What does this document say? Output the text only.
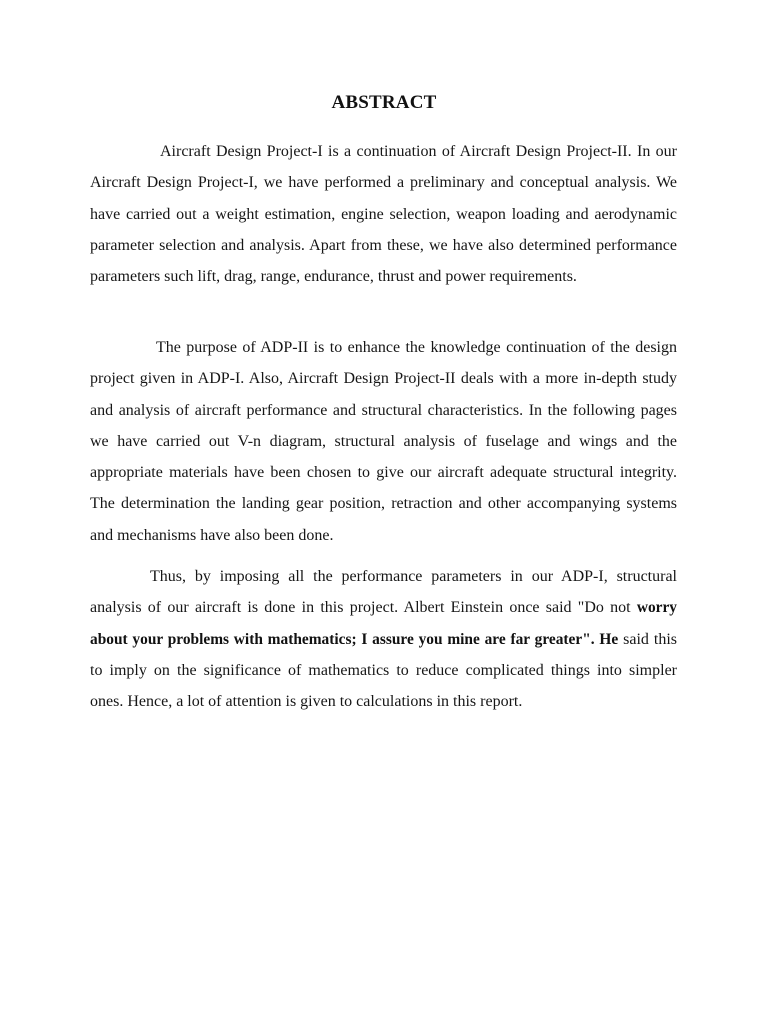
ABSTRACT

Aircraft Design Project-I is a continuation of Aircraft Design Project-II. In our Aircraft Design Project-I, we have performed a preliminary and conceptual analysis. We have carried out a weight estimation, engine selection, weapon loading and aerodynamic parameter selection and analysis. Apart from these, we have also determined performance parameters such lift, drag, range, endurance, thrust and power requirements.

The purpose of ADP-II is to enhance the knowledge continuation of the design project given in ADP-I. Also, Aircraft Design Project-II deals with a more in-depth study and analysis of aircraft performance and structural characteristics. In the following pages we have carried out V-n diagram, structural analysis of fuselage and wings and the appropriate materials have been chosen to give our aircraft adequate structural integrity. The determination the landing gear position, retraction and other accompanying systems and mechanisms have also been done.

Thus, by imposing all the performance parameters in our ADP-I, structural analysis of our aircraft is done in this project. Albert Einstein once said "Do not worry about your problems with mathematics; I assure you mine are far greater". He said this to imply on the significance of mathematics to reduce complicated things into simpler ones. Hence, a lot of attention is given to calculations in this report.
